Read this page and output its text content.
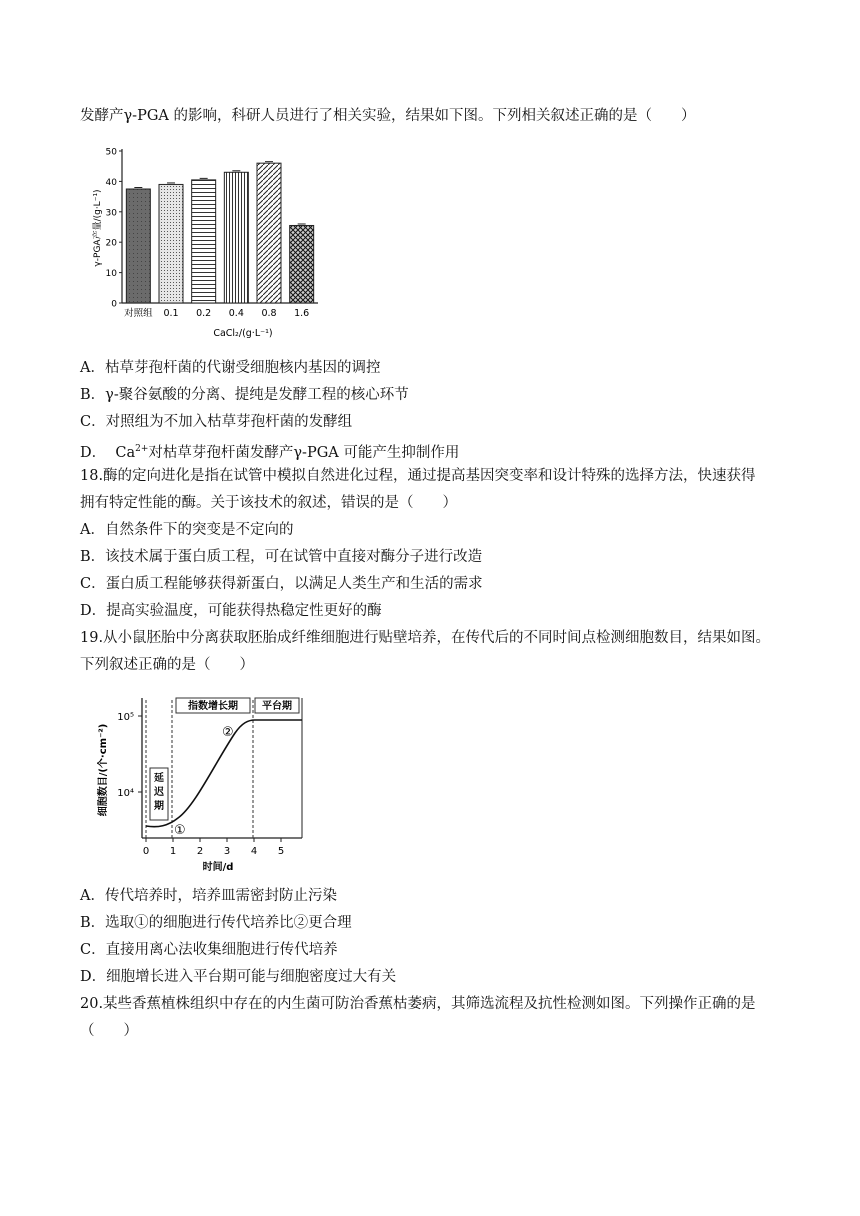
发酵产γ-PGA 的影响，科研人员进行了相关实验，结果如下图。下列相关叙述正确的是（　　）
γ-PGA产量/(g·L⁻¹)
0
10
20
30
40
50
对照组 0.1 0.2 0.4 0.8 1.6
CaCl₂/(g·L⁻¹)
A．枯草芽孢杆菌的代谢受细胞核内基因的调控
B．γ-聚谷氨酸的分离、提纯是发酵工程的核心环节
C．对照组为不加入枯草芽孢杆菌的发酵组
D． $Ca^{2+}$对枯草芽孢杆菌发酵产γ-PGA 可能产生抑制作用
18.酶的定向进化是指在试管中模拟自然进化过程，通过提高基因突变率和设计特殊的选择方法，快速获得
拥有特定性能的酶。关于该技术的叙述，错误的是（　　）
A．自然条件下的突变是不定向的
B．该技术属于蛋白质工程，可在试管中直接对酶分子进行改造
C．蛋白质工程能够获得新蛋白，以满足人类生产和生活的需求
D．提高实验温度，可能获得热稳定性更好的酶
19.从小鼠胚胎中分离获取胚胎成纤维细胞进行贴壁培养，在传代后的不同时间点检测细胞数目，结果如图。
下列叙述正确的是（　　）
10⁵
10⁴
细胞数目/(个·cm⁻²)
指数增长期 平台期
延迟期
①
②
0 1 2 3 4 5
时间/d
A．传代培养时，培养皿需密封防止污染
B．选取①的细胞进行传代培养比②更合理
C．直接用离心法收集细胞进行传代培养
D．细胞增长进入平台期可能与细胞密度过大有关
20.某些香蕉植株组织中存在的内生菌可防治香蕉枯萎病，其筛选流程及抗性检测如图。下列操作正确的是
（　　）
